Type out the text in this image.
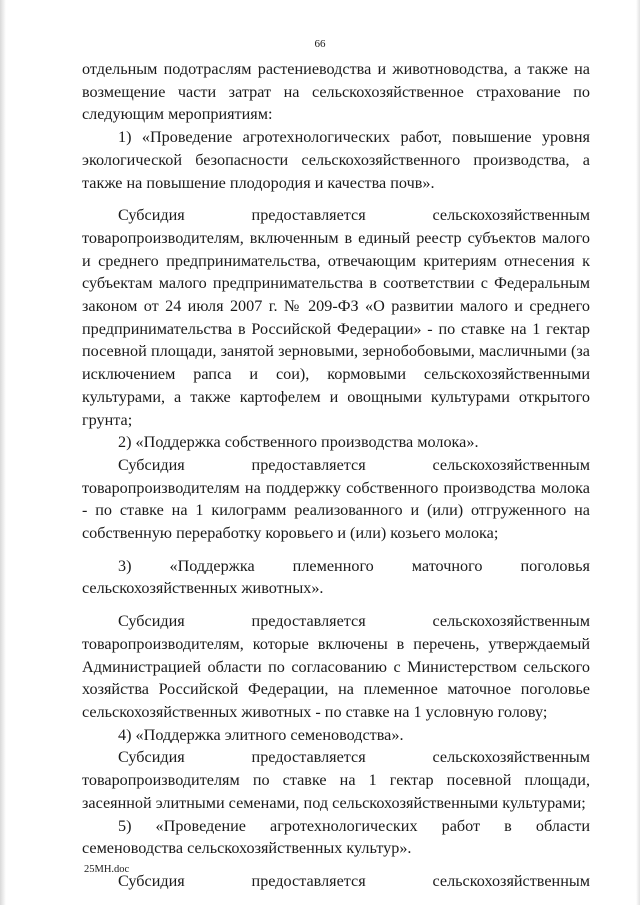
66

отдельным подотраслям растениеводства и животноводства, а также на возмещение части затрат на сельскохозяйственное страхование по следующим мероприятиям:

1) «Проведение агротехнологических работ, повышение уровня экологической безопасности сельскохозяйственного производства, а также на повышение плодородия и качества почв».

Субсидия предоставляется сельскохозяйственным товаропроизводителям, включенным в единый реестр субъектов малого и среднего предпринимательства, отвечающим критериям отнесения к субъектам малого предпринимательства в соответствии с Федеральным законом от 24 июля 2007 г. № 209-ФЗ «О развитии малого и среднего предпринимательства в Российской Федерации» - по ставке на 1 гектар посевной площади, занятой зерновыми, зернобобовыми, масличными (за исключением рапса и сои), кормовыми сельскохозяйственными культурами, а также картофелем и овощными культурами открытого грунта;

2) «Поддержка собственного производства молока».

Субсидия предоставляется сельскохозяйственным товаропроизводителям на поддержку собственного производства молока - по ставке на 1 килограмм реализованного и (или) отгруженного на собственную переработку коровьего и (или) козьего молока;

3) «Поддержка племенного маточного поголовья сельскохозяйственных животных».

Субсидия предоставляется сельскохозяйственным товаропроизводителям, которые включены в перечень, утверждаемый Администрацией области по согласованию с Министерством сельского хозяйства Российской Федерации, на племенное маточное поголовье сельскохозяйственных животных - по ставке на 1 условную голову;

4) «Поддержка элитного семеноводства».

Субсидия предоставляется сельскохозяйственным товаропроизводителям по ставке на 1 гектар посевной площади, засеянной элитными семенами, под сельскохозяйственными культурами;

5) «Проведение агротехнологических работ в области семеноводства сельскохозяйственных культур».

Субсидия предоставляется сельскохозяйственным

25MH.doc
